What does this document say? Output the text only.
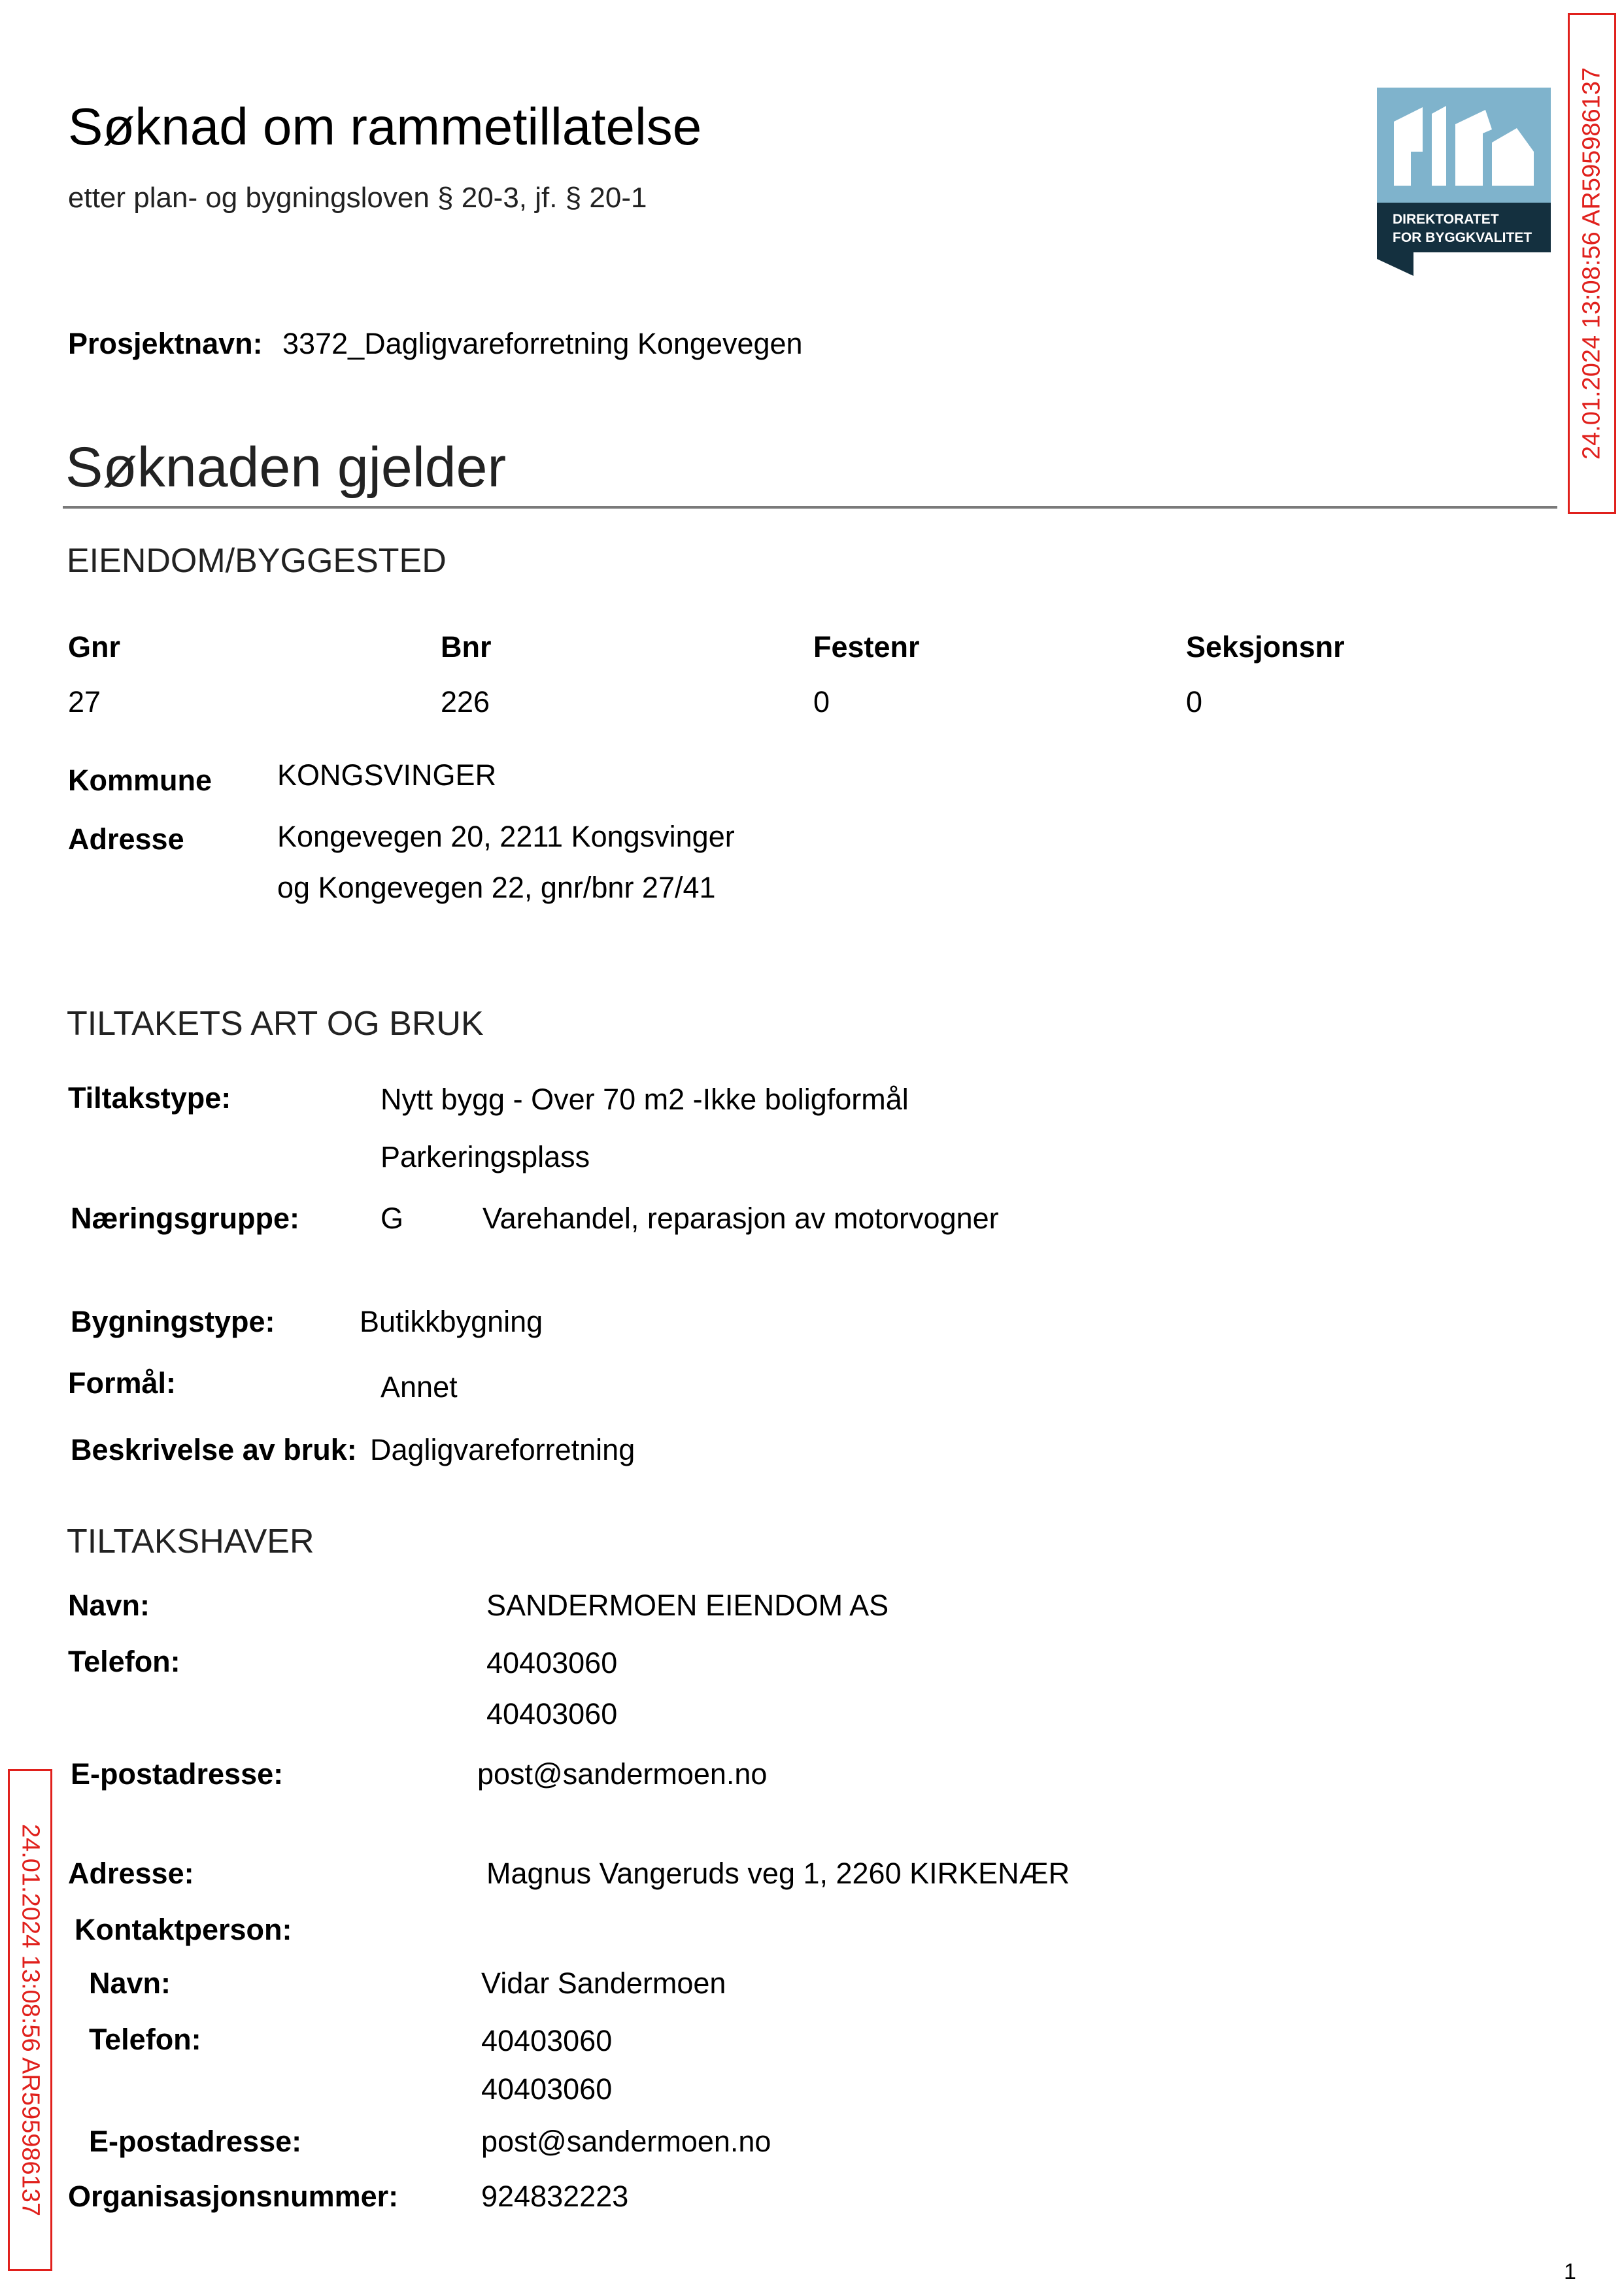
Søknad om rammetillatelse
etter plan- og bygningsloven § 20-3, jf. § 20-1
Prosjektnavn: 3372_Dagligvareforretning Kongevegen
DIREKTORATET
FOR BYGGKVALITET 24.01.2024 13:08:56 AR595986137
24.01.2024 13:08:56 AR595986137
Søknaden gjelder
EIENDOM/BYGGESTED
Gnr	Bnr	Festenr	Seksjonsnr
27	226	0	0
Kommune KONGSVINGER
Adresse	Kongevegen 20, 2211 Kongsvinger
og Kongevegen 22, gnr/bnr 27/41
TILTAKETS ART OG BRUK
Tiltakstype:	Nytt bygg - Over 70 m2 -Ikke boligformål
Parkeringsplass
Næringsgruppe:	G	Varehandel, reparasjon av motorvogner
Bygningstype:	Butikkbygning
Formål:	Annet
Beskrivelse av bruk: Dagligvareforretning
TILTAKSHAVER
Navn:	SANDERMOEN EIENDOM AS
Telefon:	40403060
40403060
E-postadresse:	post@sandermoen.no
Adresse:	Magnus Vangeruds veg 1, 2260 KIRKENÆR
Kontaktperson:
Navn:	Vidar Sandermoen
Telefon:	40403060
40403060
E-postadresse:	post@sandermoen.no
Organisasjonsnummer:	924832223
1
